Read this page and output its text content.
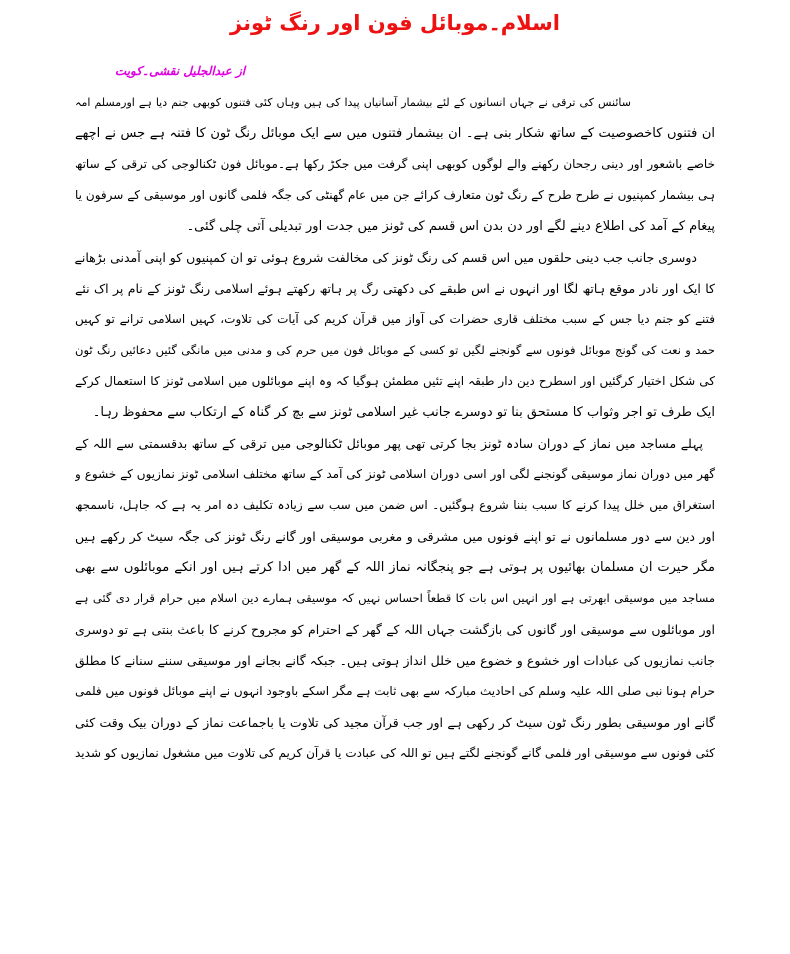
اسلام۔موبائل فون اور رنگ ٹونز
از عبدالجلیل نقشی۔کویت
سائنس کی ترقی نے جہاں انسانوں کے لئے بیشمار آسانیاں پیدا کی ہیں وہاں کئی فتنوں کوبھی جنم دیا ہے اورمسلم امہ
ان فتنوں کاخصوصیت کے ساتھ شکار بنی ہے۔ ان بیشمار فتنوں میں سے ایک موبائل رنگ ٹون کا فتنہ ہے جس نے اچھے
خاصے باشعور اور دینی رجحان رکھنے والے لوگوں کوبھی اپنی گرفت میں جکڑ رکھا ہے۔موبائل فون ٹکنالوجی کی ترقی کے ساتھ
ہی بیشمار کمپنیوں نے طرح طرح کے رنگ ٹون متعارف کرائے جن میں عام گھنٹی کی جگہ فلمی گانوں اور موسیقی کے سرفون یا
پیغام کے آمد کی اطلاع دینے لگے اور دن بدن اس قسم کی ٹونز میں جدت اور تبدیلی آتی چلی گئی۔
دوسری جانب جب دینی حلقوں میں اس قسم کی رنگ ٹونز کی مخالفت شروع ہوئی تو ان کمپنیوں کو اپنی آمدنی بڑھانے
کا ایک اور نادر موقع ہاتھ لگا اور انہوں نے اس طبقے کی دکھتی رگ پر ہاتھ رکھتے ہوئے اسلامی رنگ ٹونز کے نام پر اک نئے
فتنے کو جنم دیا جس کے سبب مختلف قاری حضرات کی آواز میں قرآن کریم کی آیات کی تلاوت، کہیں اسلامی ترانے تو کہیں
حمد و نعت کی گونج موبائل فونوں سے گونجنے لگیں تو کسی کے موبائل فون میں حرم کی و مدنی میں مانگی گئیں دعائیں رنگ ٹون
کی شکل اختیار کرگئیں اور اسطرح دین دار طبقہ اپنے تئیں مطمئن ہوگیا کہ وہ اپنے موبائلوں میں اسلامی ٹونز کا استعمال کرکے
ایک طرف تو اجر وثواب کا مستحق بنا تو دوسرے جانب غیر اسلامی ٹونز سے بچ کر گناہ کے ارتکاب سے محفوظ رہا۔
پہلے مساجد میں نماز کے دوران سادہ ٹونز بجا کرتی تھی پھر موبائل ٹکنالوجی میں ترقی کے ساتھ بدقسمتی سے اللہ کے
گھر میں دوران نماز موسیقی گونجنے لگی اور اسی دوران اسلامی ٹونز کی آمد کے ساتھ مختلف اسلامی ٹونز نمازیوں کے خشوع و
استغراق میں خلل پیدا کرنے کا سبب بننا شروع ہوگئیں۔ اس ضمن میں سب سے زیادہ تکلیف دہ امر یہ ہے کہ جاہل، ناسمجھ
اور دین سے دور مسلمانوں نے تو اپنے فونوں میں مشرقی و مغربی موسیقی اور گانے رنگ ٹونز کی جگہ سیٹ کر رکھے ہیں
مگر حیرت ان مسلمان بھائیوں پر ہوتی ہے جو پنجگانہ نماز اللہ کے گھر میں ادا کرتے ہیں اور انکے موبائلوں سے بھی
مساجد میں موسیقی ابھرتی ہے اور انہیں اس بات کا قطعاً احساس نہیں کہ موسیقی ہمارے دین اسلام میں حرام قرار دی گئی ہے
اور موبائلوں سے موسیقی اور گانوں کی بازگشت جہاں اللہ کے گھر کے احترام کو مجروح کرنے کا باعث بنتی ہے تو دوسری
جانب نمازیوں کی عبادات اور خشوع و خضوع میں خلل انداز ہوتی ہیں۔ جبکہ گانے بجانے اور موسیقی سننے سنانے کا مطلق
حرام ہونا نبی صلی اللہ علیہ وسلم کی احادیث مبارکہ سے بھی ثابت ہے مگر اسکے باوجود انہوں نے اپنے موبائل فونوں میں فلمی
گانے اور موسیقی بطور رنگ ٹون سیٹ کر رکھی ہے اور جب قرآن مجید کی تلاوت یا باجماعت نماز کے دوران بیک وقت کئی
کئی فونوں سے موسیقی اور فلمی گانے گونجنے لگتے ہیں تو اللہ کی عبادت یا قرآن کریم کی تلاوت میں مشغول نمازیوں کو شدید
